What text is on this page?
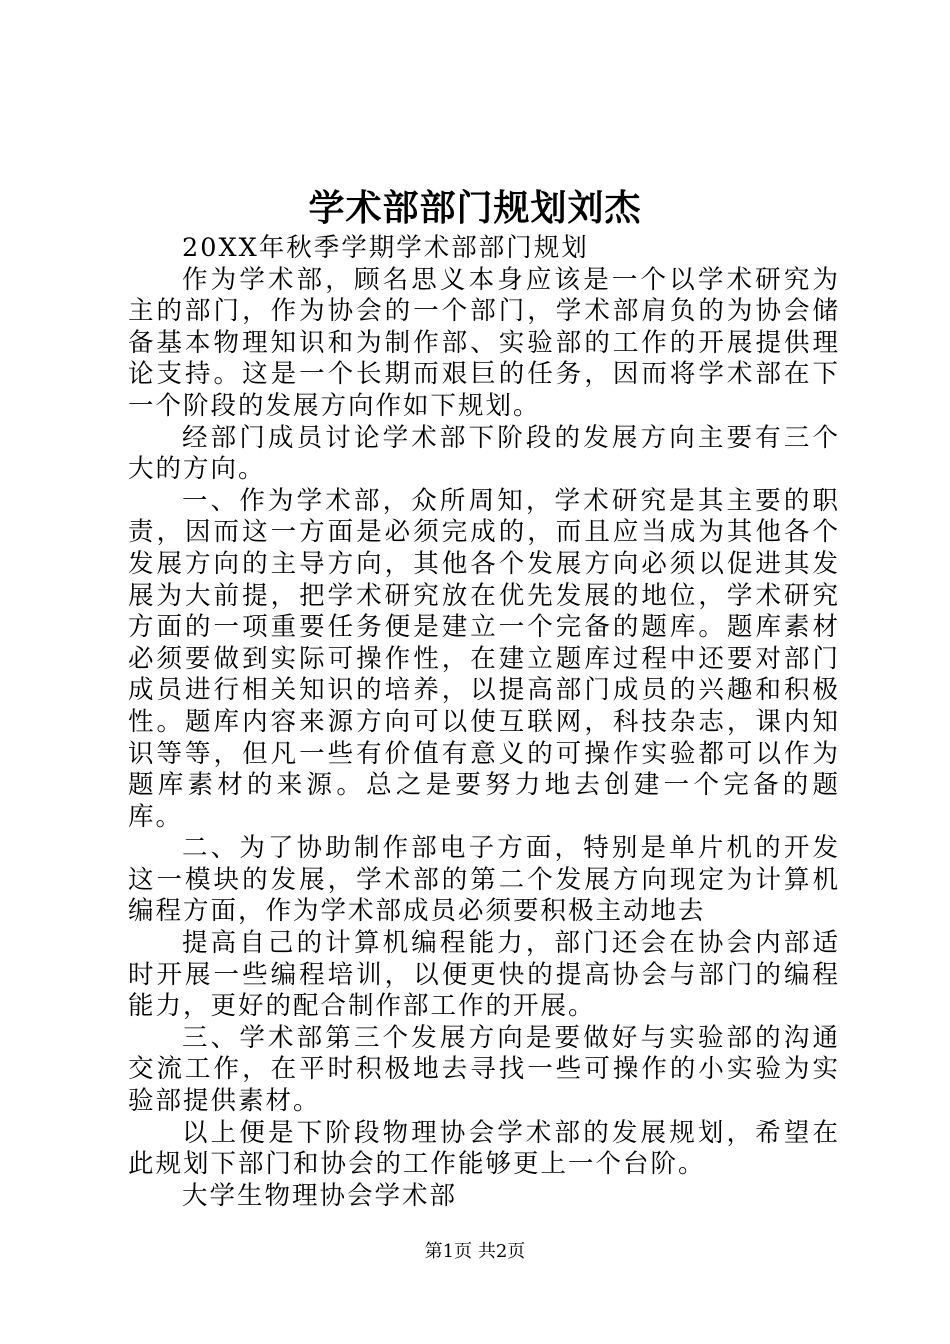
学术部部门规划刘杰

20XX年秋季学期学术部部门规划

作为学术部，顾名思义本身应该是一个以学术研究为主的部门，作为协会的一个部门，学术部肩负的为协会储备基本物理知识和为制作部、实验部的工作的开展提供理论支持。这是一个长期而艰巨的任务，因而将学术部在下一个阶段的发展方向作如下规划。

经部门成员讨论学术部下阶段的发展方向主要有三个大的方向。

一、作为学术部，众所周知，学术研究是其主要的职责，因而这一方面是必须完成的，而且应当成为其他各个发展方向的主导方向，其他各个发展方向必须以促进其发展为大前提，把学术研究放在优先发展的地位，学术研究方面的一项重要任务便是建立一个完备的题库。题库素材必须要做到实际可操作性，在建立题库过程中还要对部门成员进行相关知识的培养，以提高部门成员的兴趣和积极性。题库内容来源方向可以使互联网，科技杂志，课内知识等等，但凡一些有价值有意义的可操作实验都可以作为题库素材的来源。总之是要努力地去创建一个完备的题库。

二、为了协助制作部电子方面，特别是单片机的开发这一模块的发展，学术部的第二个发展方向现定为计算机编程方面，作为学术部成员必须要积极主动地去

提高自己的计算机编程能力，部门还会在协会内部适时开展一些编程培训，以便更快的提高协会与部门的编程能力，更好的配合制作部工作的开展。

三、学术部第三个发展方向是要做好与实验部的沟通交流工作，在平时积极地去寻找一些可操作的小实验为实验部提供素材。

以上便是下阶段物理协会学术部的发展规划，希望在此规划下部门和协会的工作能够更上一个台阶。

大学生物理协会学术部

第1页 共2页
